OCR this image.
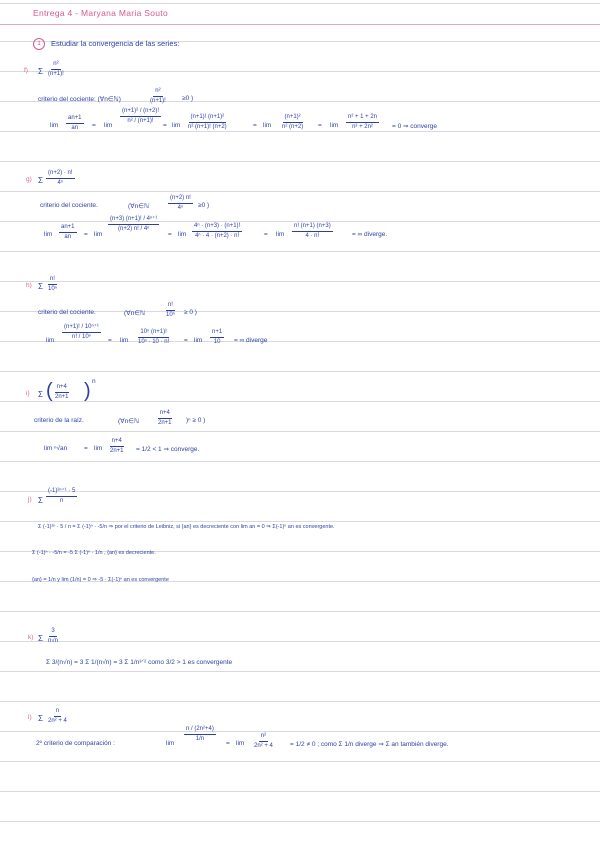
Entrega 4 - Maryana Maria Souto
1 Estudiar la convergencia de las series:
f) Σ $\frac{\text{n²}}{(n+1)!}$
criterio del cociente: (∀n∈ℕ)	$\frac{\text{n²}}{(n+1)!} \ge 0$ )
$\lim \frac{an+1}{an} = \lim$
$\frac{\text{(n+1)² / (n+2)!}}{\text{n² / (n+1)!}}$
= $\lim \frac{\text{(n+1)! (n+1)²}}{\text{n² (n+1)! (n+2)}}$	= $\lim \frac{\text{(n+1)²}}{\text{n² (n+2)}} = \lim \frac{\text{n² + 1 + 2n}}{\text{n³ + 2n²}} = 0$ ⇒ converge
g) Σ $\frac{(n+2) \cdot n!}{\text{4ⁿ}}$
criterio del cociente.	(∀n∈ℕ	$\frac{(n+2) n!}{\text{4ⁿ}} \ge 0$ )
$\lim \frac{an+1}{an} = \lim$
$\frac{\text{(n+3) (n+1)! / 4ⁿ⁺¹}}{\text{(n+2) n! / 4ⁿ}}$
= $\lim \frac{\text{4ⁿ · (n+3) · (n+1)!}}{\text{4ⁿ · 4 · (n+2) · n!}}$	= $\lim \frac{n! (n+1) (n+3)}{4 \cdot n!}$	= ∞ diverge.
h) Σ $\frac{n!}{\text{10ⁿ}}$
criterio del cociente.	(∀n∈ℕ	$\frac{n!}{\text{10ⁿ}} \ge 0$ )
$\lim \frac{\text{(n+1)! / 10ⁿ⁺¹}}{\text{n! / 10ⁿ}} = \lim \frac{\text{10ⁿ (n+1)!}}{\text{10ⁿ · 10 · n!}} = \lim \frac{n+1}{10}$ = ∞ diverge
i) Σ ( $\frac{n+4}{2n+1}$ ) n
criterio de la raíz.	(∀n∈ℕ	$\frac{n+4}{2n+1} )^n \ge 0$ )
lim ⁿ√an	= $\lim \frac{n+4}{2n+1} = 1/2 < 1$ ⇒ converge.
j) Σ $\frac{\text{(-1)²ⁿ⁺¹ · 5}}{n}$
Σ (-1)²ⁿ · 5 / n = Σ (-1)ⁿ · -5/n ⇒ por el criterio de Leibniz, si {an} es decreciente con lim an = 0 ⇒ Σ(-1)ⁿ an es convergente.
Σ (-1)ⁿ · -5/n = -5 Σ (-1)ⁿ · 1/n , {an} es decreciente.
{an} = 1/n y lim (1/n) = 0 ⇒ -5 · Σ(-1)ⁿ an es convergente
k) Σ $\frac{3}{n√n}$
Σ 3/(n√n) = 3 Σ 1/(n√n) = 3 Σ 1/n³ᐟ² como 3/2 > 1 es convergente
l) Σ $\frac{n}{\text{2n² + 4}}$
2º criterio de comparación :	lim
$\frac{\text{n / (2n²+4)}}{1/n}$
= $\lim \frac{\text{n²}}{\text{2n² + 4}} = 1/2 \ne 0$ ; como Σ 1/n diverge ⇒ Σ an también diverge.
